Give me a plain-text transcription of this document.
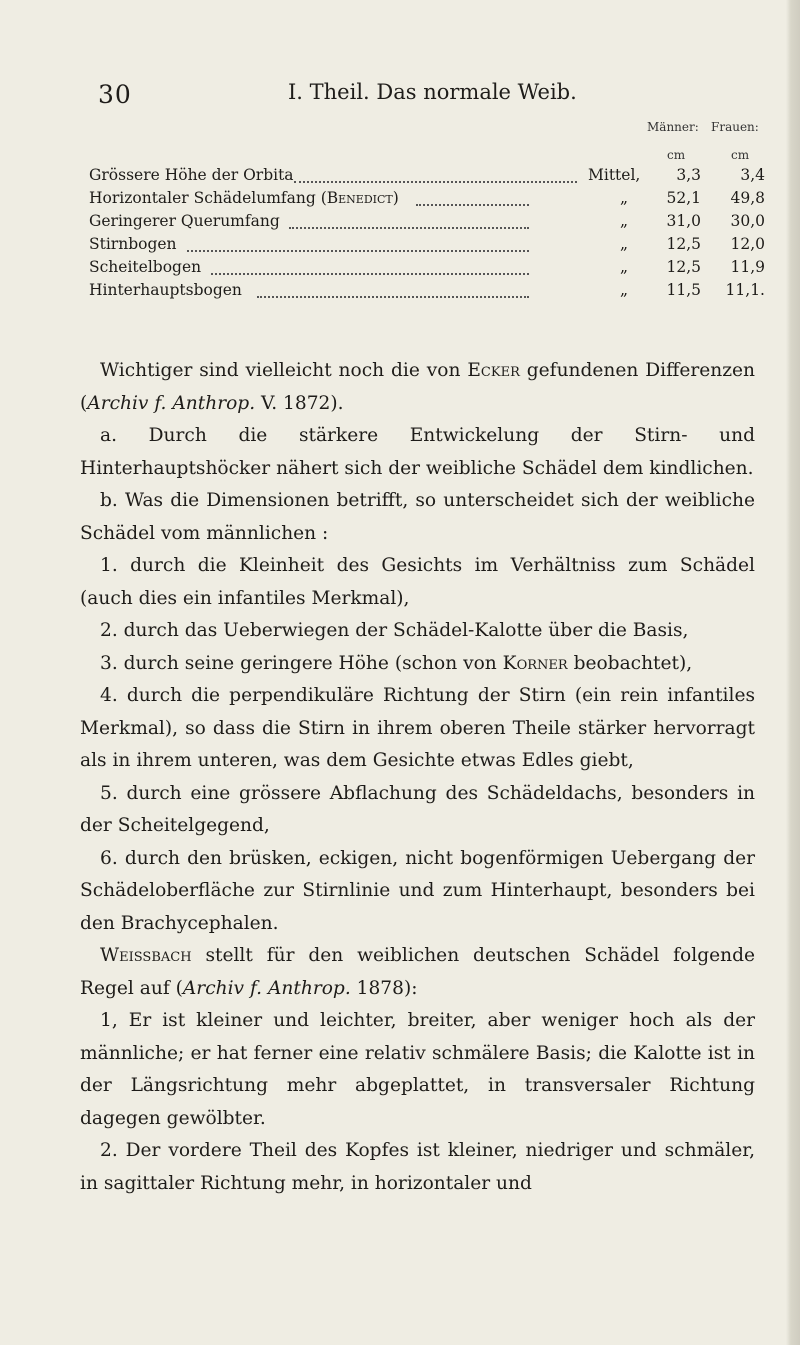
30	I. Theil. Das normale Weib.
Männer: Frauen:
cm	cm
Grössere Höhe der Orbita	Mittel,	3,3	3,4
Horizontaler Schädelumfang (Benedict)	„	52,1	49,8
Geringerer Querumfang	„	31,0	30,0
Stirnbogen	„	12,5	12,0
Scheitelbogen	„	12,5	11,9
Hinterhauptsbogen	„	11,5	11,1.

Wichtiger sind vielleicht noch die von Ecker gefundenen Differenzen (Archiv f. Anthrop. V. 1872).

a. Durch die stärkere Entwickelung der Stirn- und Hinterhauptshöcker nähert sich der weibliche Schädel dem kindlichen.

b. Was die Dimensionen betrifft, so unterscheidet sich der weibliche Schädel vom männlichen :

1. durch die Kleinheit des Gesichts im Verhältniss zum Schädel (auch dies ein infantiles Merkmal),

2. durch das Ueberwiegen der Schädel-Kalotte über die Basis,

3. durch seine geringere Höhe (schon von Korner beobachtet),

4. durch die perpendikuläre Richtung der Stirn (ein rein infantiles Merkmal), so dass die Stirn in ihrem oberen Theile stärker hervorragt als in ihrem unteren, was dem Gesichte etwas Edles giebt,

5. durch eine grössere Abflachung des Schädeldachs, besonders in der Scheitelgegend,

6. durch den brüsken, eckigen, nicht bogenförmigen Uebergang der Schädeloberfläche zur Stirnlinie und zum Hinterhaupt, besonders bei den Brachycephalen.

Weissbach stellt für den weiblichen deutschen Schädel folgende Regel auf (Archiv f. Anthrop. 1878):

1, Er ist kleiner und leichter, breiter, aber weniger hoch als der männliche; er hat ferner eine relativ schmälere Basis; die Kalotte ist in der Längsrichtung mehr abgeplattet, in transversaler Richtung dagegen gewölbter.

2. Der vordere Theil des Kopfes ist kleiner, niedriger und schmäler, in sagittaler Richtung mehr, in horizontaler und
